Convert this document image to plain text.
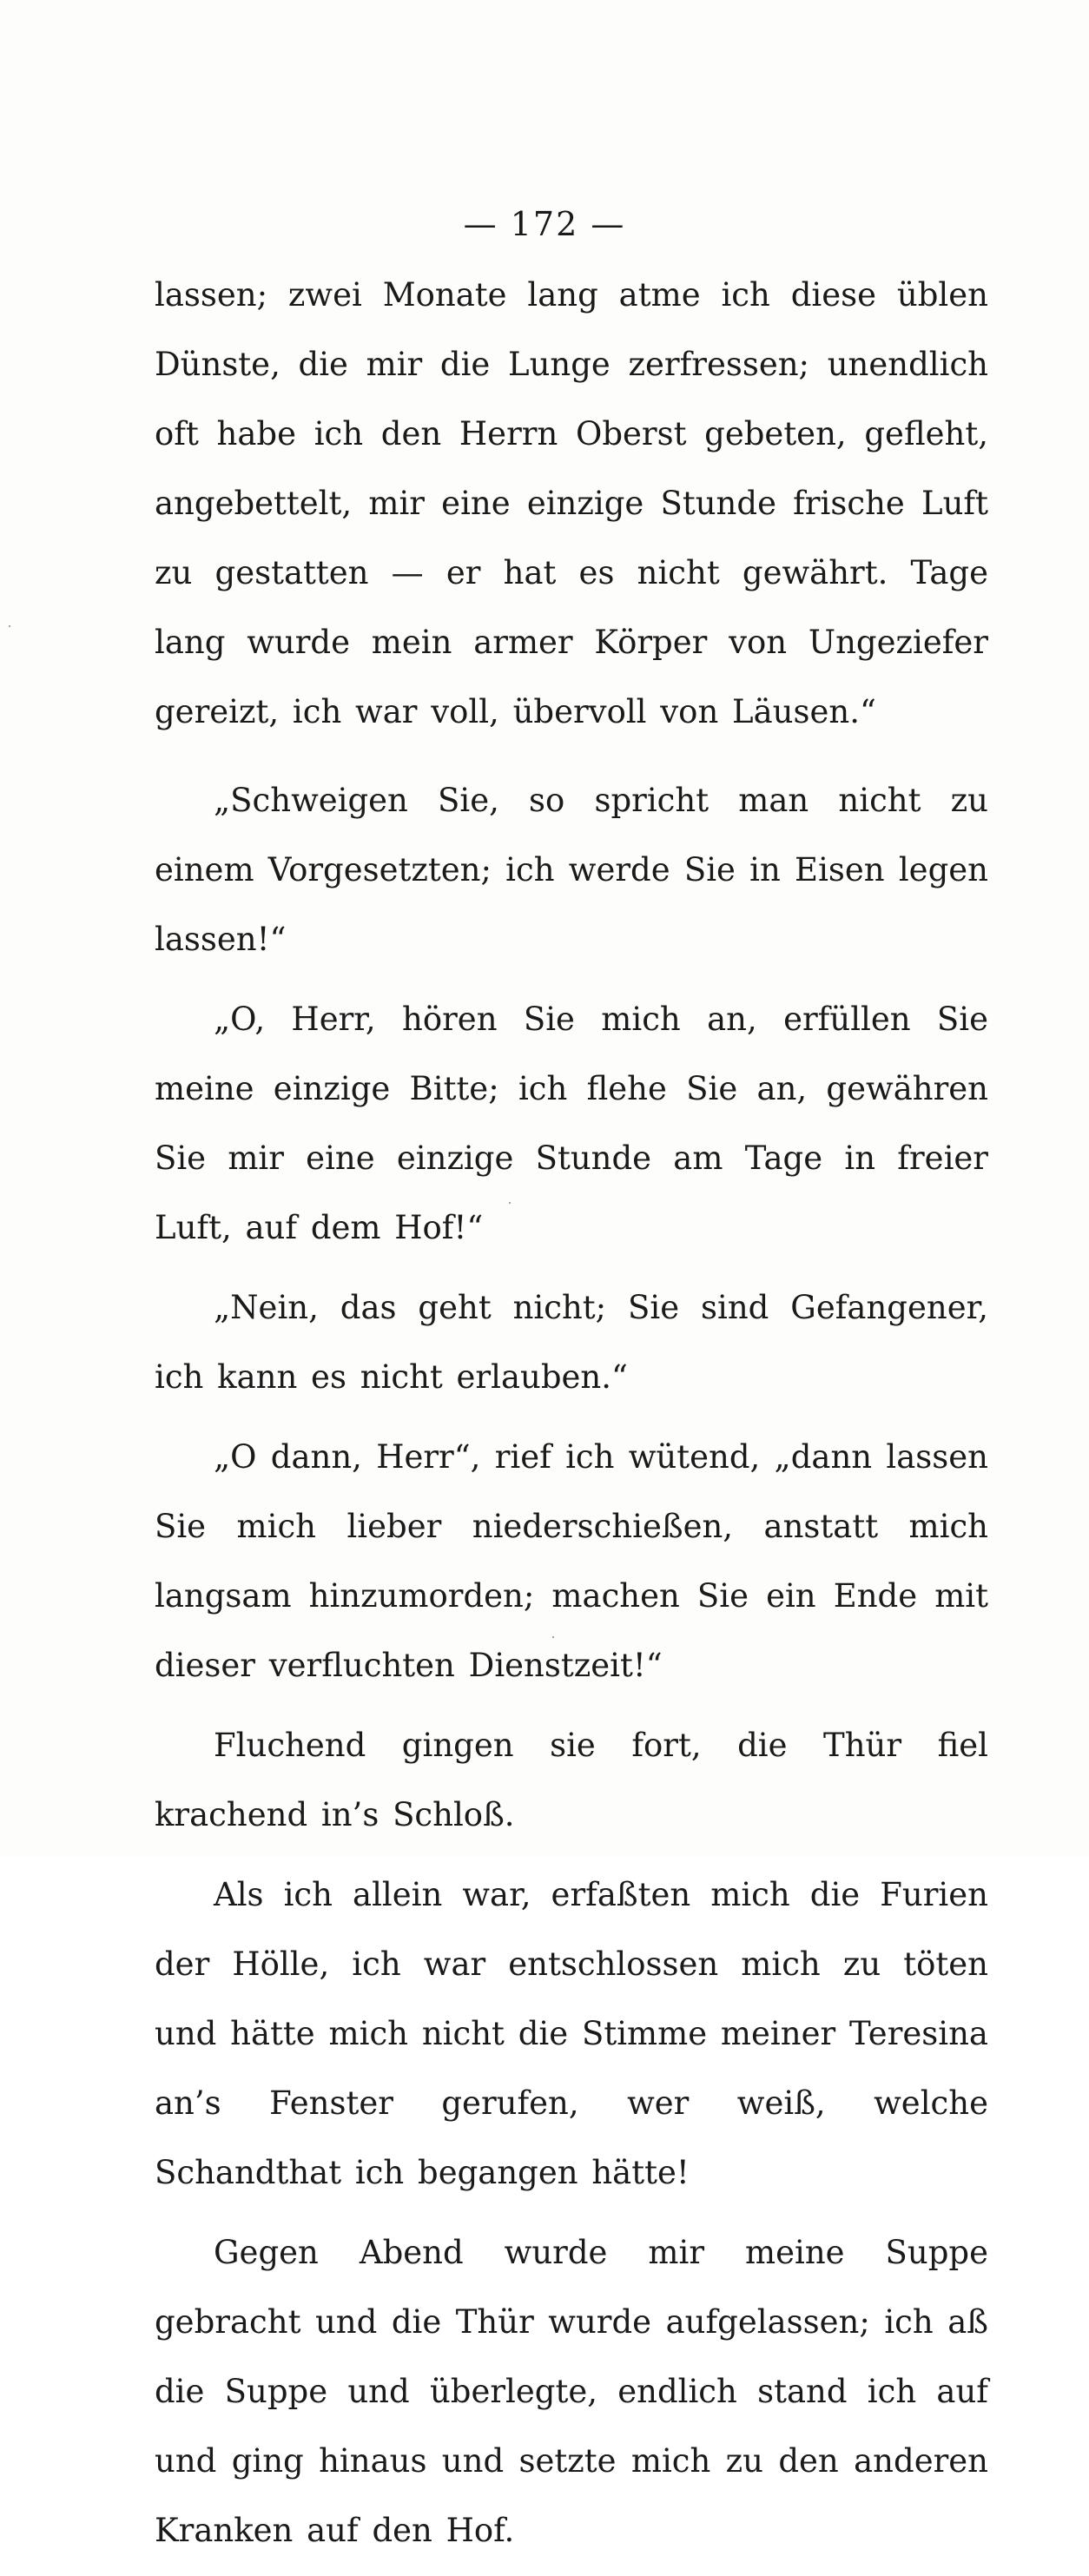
— 172 —

lassen; zwei Monate lang atme ich diese üblen Dünste, die mir die Lunge zerfressen; unendlich oft habe ich den Herrn Oberst gebeten, gefleht, angebettelt, mir eine einzige Stunde frische Luft zu gestatten — er hat es nicht gewährt. Tage lang wurde mein armer Körper von Ungeziefer gereizt, ich war voll, übervoll von Läusen.“

„Schweigen Sie, so spricht man nicht zu einem Vorgesetzten; ich werde Sie in Eisen legen lassen!“

„O, Herr, hören Sie mich an, erfüllen Sie meine einzige Bitte; ich flehe Sie an, gewähren Sie mir eine einzige Stunde am Tage in freier Luft, auf dem Hof!“

„Nein, das geht nicht; Sie sind Gefangener, ich kann es nicht erlauben.“

„O dann, Herr“, rief ich wütend, „dann lassen Sie mich lieber niederschießen, anstatt mich langsam hinzumorden; machen Sie ein Ende mit dieser verfluchten Dienstzeit!“

Fluchend gingen sie fort, die Thür fiel krachend in’s Schloß.

Als ich allein war, erfaßten mich die Furien der Hölle, ich war entschlossen mich zu töten und hätte mich nicht die Stimme meiner Teresina an’s Fenster gerufen, wer weiß, welche Schandthat ich begangen hätte!

Gegen Abend wurde mir meine Suppe gebracht und die Thür wurde aufgelassen; ich aß die Suppe und überlegte, endlich stand ich auf und ging hinaus und setzte mich zu den anderen Kranken auf den Hof.
